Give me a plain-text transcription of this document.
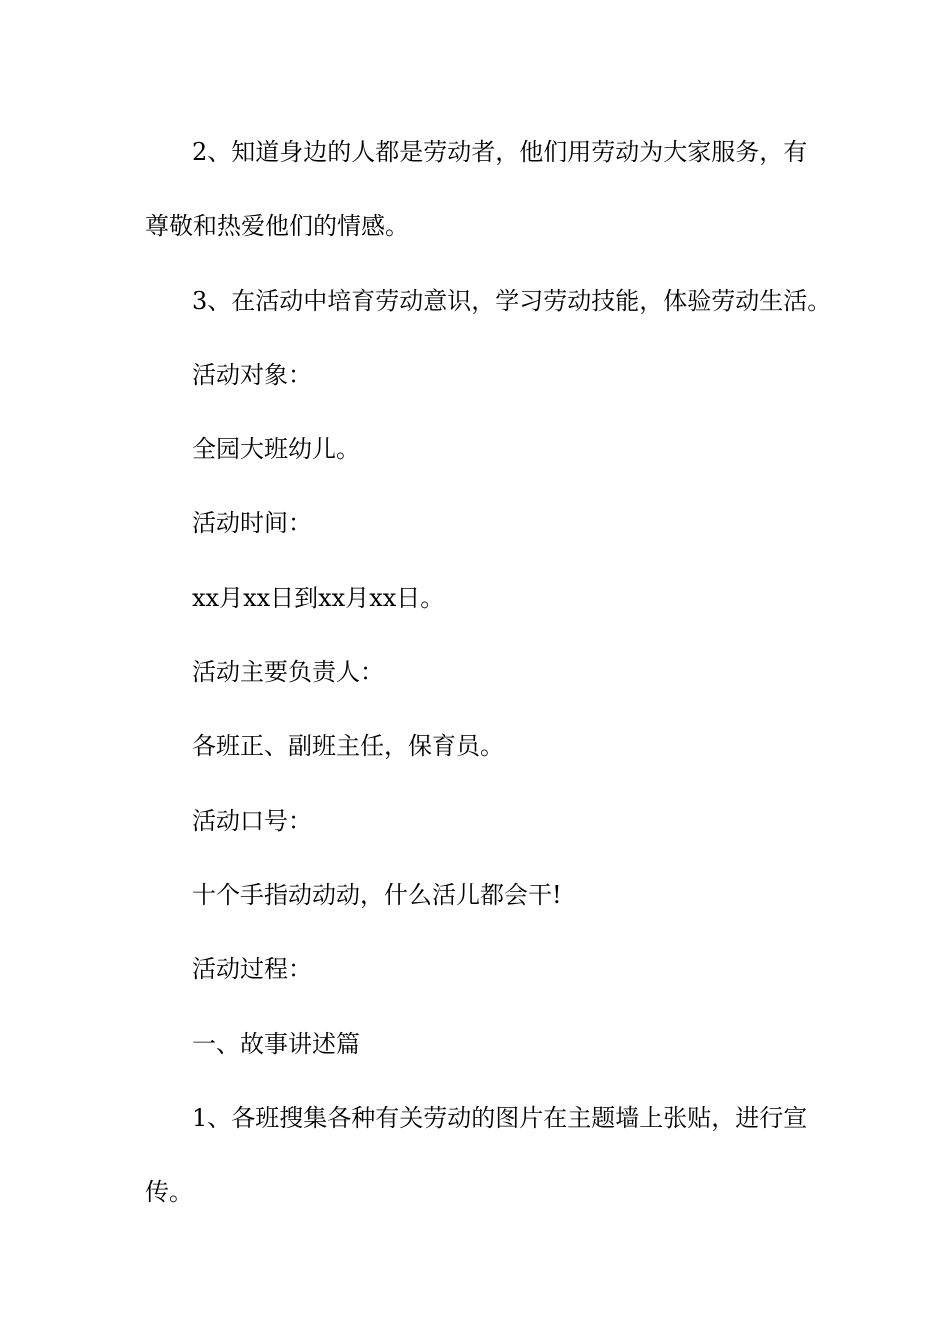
2、知道身边的人都是劳动者，他们用劳动为大家服务，有
尊敬和热爱他们的情感。
3、在活动中培育劳动意识，学习劳动技能，体验劳动生活。
活动对象：
全园大班幼儿。
活动时间：
xx月xx日到xx月xx日。
活动主要负责人：
各班正、副班主任，保育员。
活动口号：
十个手指动动动，什么活儿都会干!
活动过程：
一、故事讲述篇
1、各班搜集各种有关劳动的图片在主题墙上张贴，进行宣
传。
